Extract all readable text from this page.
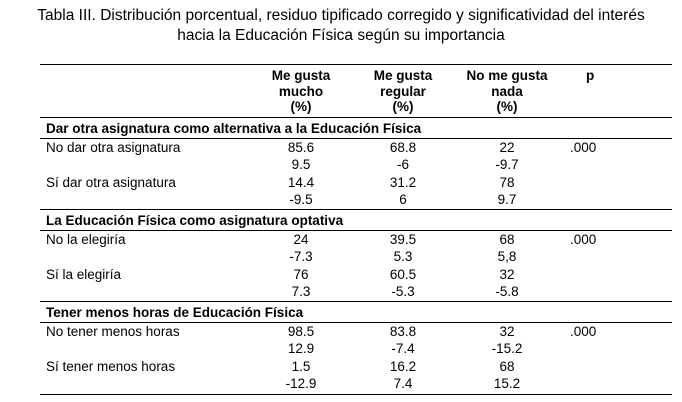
Tabla III. Distribución porcentual, residuo tipificado corregido y significatividad del interés
hacia la Educación Física según su importancia

	Me gusta
mucho
(%)	Me gusta
regular
(%)	No me gusta
nada
(%)	p
Dar otra asignatura como alternativa a la Educación Física				
No dar otra asignatura	85.6	68.8	22	.000
	9.5	-6	-9.7	
Sí dar otra asignatura	14.4	31.2	78	
	-9.5	6	9.7	
La Educación Física como asignatura optativa				
No la elegiría	24	39.5	68	.000
	-7.3	5.3	5,8	
Sí la elegiría	76	60.5	32	
	7.3	-5.3	-5.8	
Tener menos horas de Educación Física				
No tener menos horas	98.5	83.8	32	.000
	12.9	-7.4	-15.2	
Sí tener menos horas	1.5	16.2	68	
	-12.9	7.4	15.2	
